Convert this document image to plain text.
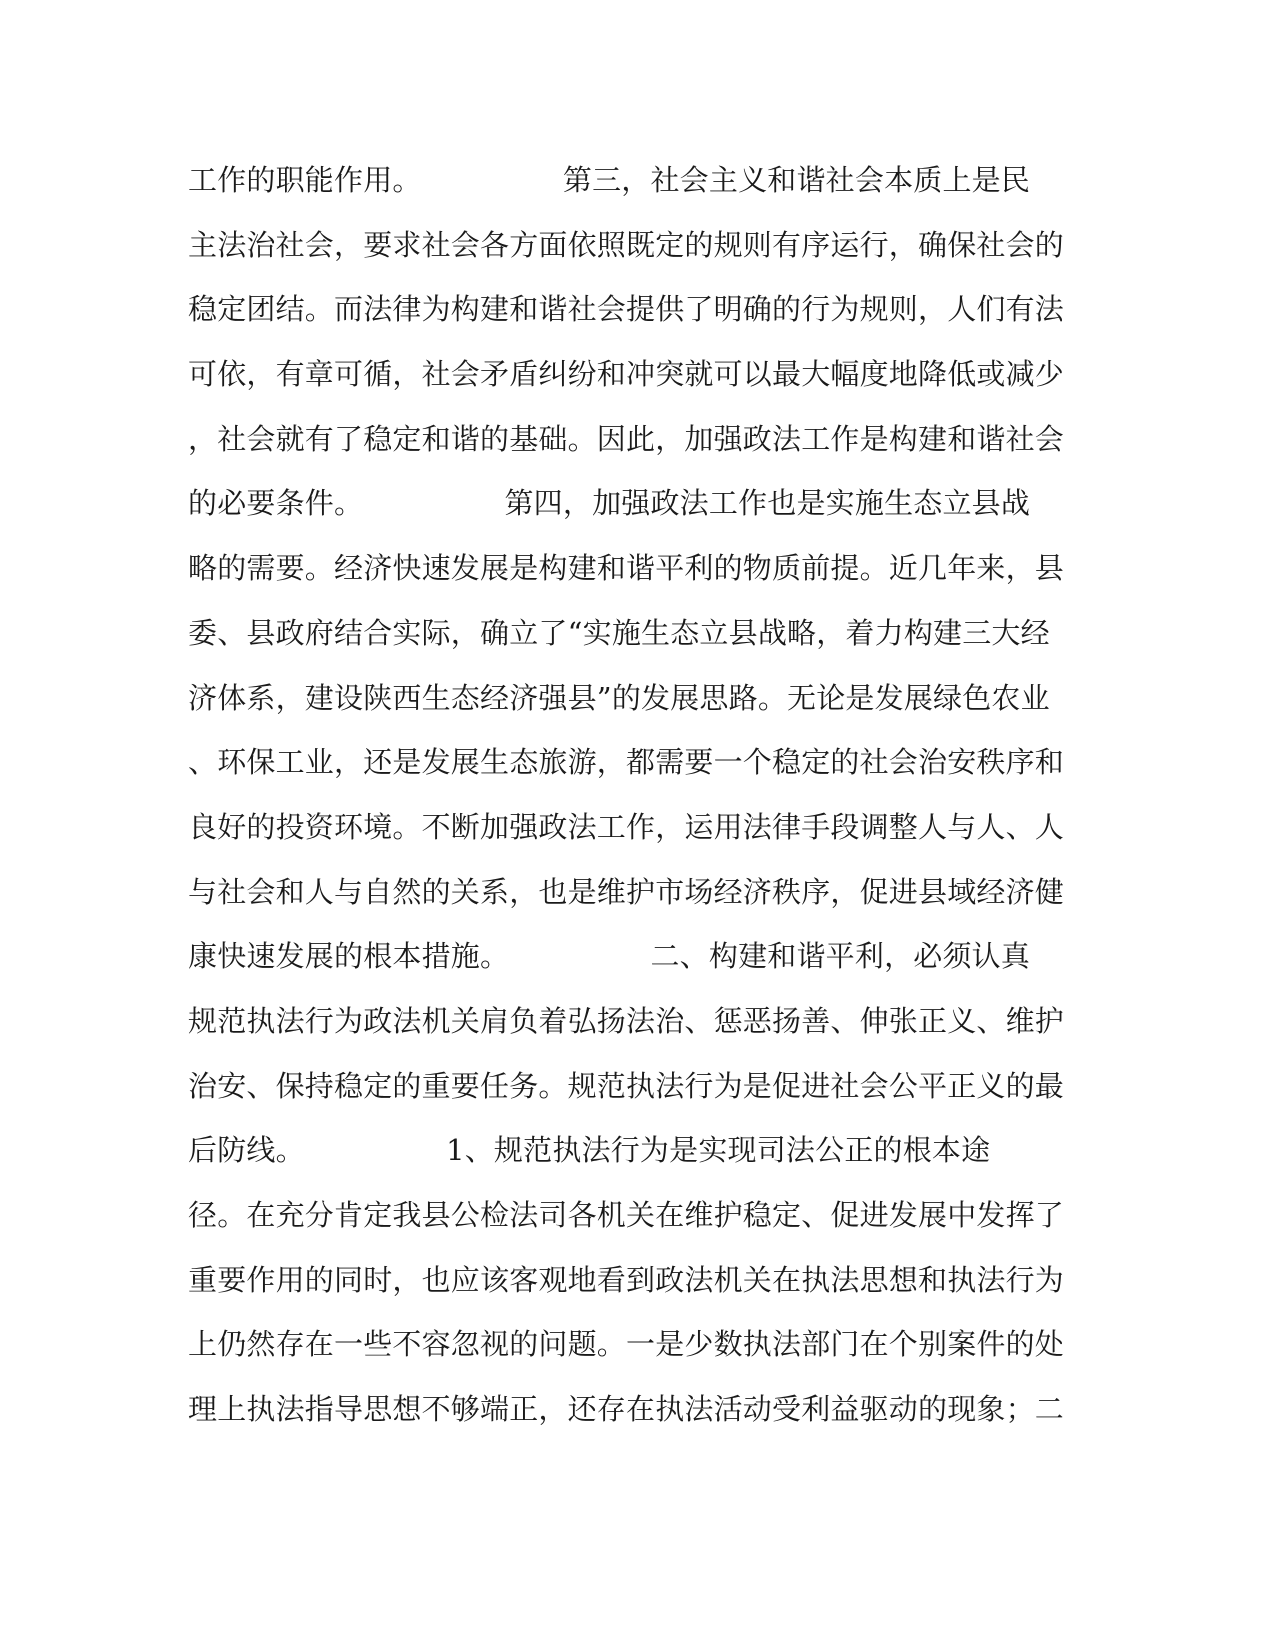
工作的职能作用。               第三，社会主义和谐社会本质上是民
主法治社会，要求社会各方面依照既定的规则有序运行，确保社会的
稳定团结。而法律为构建和谐社会提供了明确的行为规则，人们有法
可依，有章可循，社会矛盾纠纷和冲突就可以最大幅度地降低或减少
，社会就有了稳定和谐的基础。因此，加强政法工作是构建和谐社会
的必要条件。               第四，加强政法工作也是实施生态立县战
略的需要。经济快速发展是构建和谐平利的物质前提。近几年来，县
委、县政府结合实际，确立了“实施生态立县战略，着力构建三大经
济体系，建设陕西生态经济强县”的发展思路。无论是发展绿色农业
、环保工业，还是发展生态旅游，都需要一个稳定的社会治安秩序和
良好的投资环境。不断加强政法工作，运用法律手段调整人与人、人
与社会和人与自然的关系，也是维护市场经济秩序，促进县域经济健
康快速发展的根本措施。               二、构建和谐平利，必须认真
规范执法行为政法机关肩负着弘扬法治、惩恶扬善、伸张正义、维护
治安、保持稳定的重要任务。规范执法行为是促进社会公平正义的最
后防线。               1、规范执法行为是实现司法公正的根本途
径。在充分肯定我县公检法司各机关在维护稳定、促进发展中发挥了
重要作用的同时，也应该客观地看到政法机关在执法思想和执法行为
上仍然存在一些不容忽视的问题。一是少数执法部门在个别案件的处
理上执法指导思想不够端正，还存在执法活动受利益驱动的现象；二
